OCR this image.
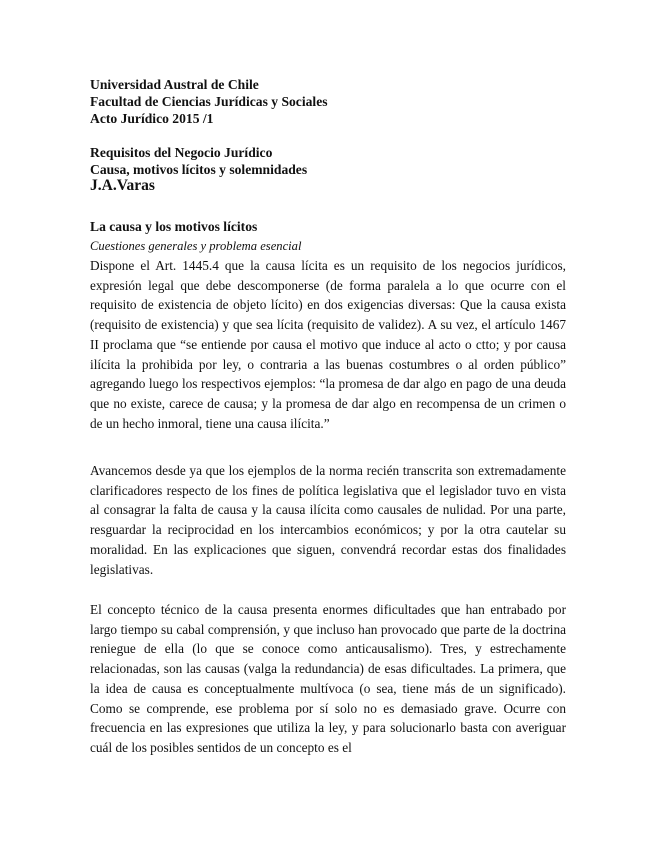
Universidad Austral de Chile

Facultad de Ciencias Jurídicas y Sociales

Acto Jurídico 2015 /1

Requisitos del Negocio Jurídico

Causa, motivos lícitos y solemnidades

J.A.Varas

La causa y los motivos lícitos

Cuestiones generales y problema esencial

Dispone el Art. 1445.4 que la causa lícita es un requisito de los negocios jurídicos, expresión legal que debe descomponerse (de forma paralela a lo que ocurre con el requisito de existencia de objeto lícito) en dos exigencias diversas: Que la causa exista (requisito de existencia) y que sea lícita (requisito de validez). A su vez, el artículo 1467 II proclama que “se entiende por causa el motivo que induce al acto o ctto; y por causa ilícita la prohibida por ley, o contraria a las buenas costumbres o al orden público” agregando luego los respectivos ejemplos: “la promesa de dar algo en pago de una deuda que no existe, carece de causa; y la promesa de dar algo en recompensa de un crimen o de un hecho inmoral, tiene una causa ilícita.”

Avancemos desde ya que los ejemplos de la norma recién transcrita son extremadamente clarificadores respecto de los fines de política legislativa que el legislador tuvo en vista al consagrar la falta de causa y la causa ilícita como causales de nulidad. Por una parte, resguardar la reciprocidad en los intercambios económicos; y por la otra cautelar su moralidad. En las explicaciones que siguen, convendrá recordar estas dos finalidades legislativas.

El concepto técnico de la causa presenta enormes dificultades que han entrabado por largo tiempo su cabal comprensión, y que incluso han provocado que parte de la doctrina reniegue de ella (lo que se conoce como anticausalismo). Tres, y estrechamente relacionadas, son las causas (valga la redundancia) de esas dificultades. La primera, que la idea de causa es conceptualmente multívoca (o sea, tiene más de un significado). Como se comprende, ese problema por sí solo no es demasiado grave. Ocurre con frecuencia en las expresiones que utiliza la ley, y para solucionarlo basta con averiguar cuál de los posibles sentidos de un concepto es el
